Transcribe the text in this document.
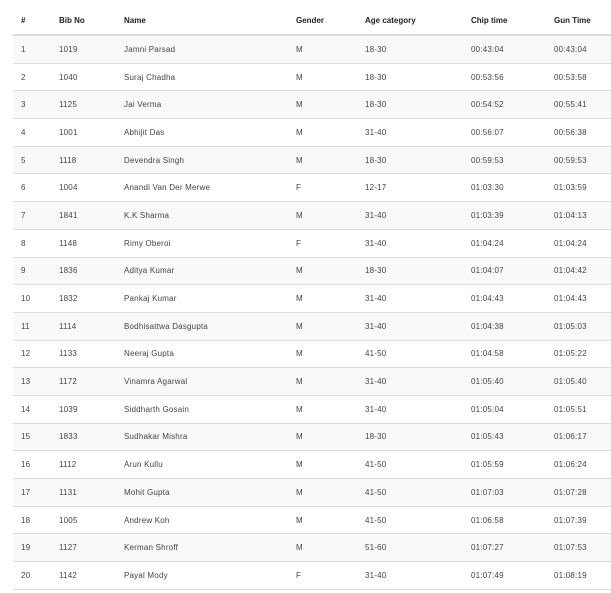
#	Bib No	Name	Gender	Age category	Chip time	Gun Time
1	1019	Jamni Parsad	M	18-30	00:43:04	00:43:04
2	1040	Suraj Chadha	M	18-30	00:53:56	00:53:58
3	1125	Jai Verma	M	18-30	00:54:52	00:55:41
4	1001	Abhijit Das	M	31-40	00:56:07	00:56:38
5	1118	Devendra Singh	M	18-30	00:59:53	00:59:53
6	1004	Anandi Van Der Merwe	F	12-17	01:03:30	01:03:59
7	1841	K.K Sharma	M	31-40	01:03:39	01:04:13
8	1148	Rimy Oberoi	F	31-40	01:04:24	01:04:24
9	1836	Aditya Kumar	M	18-30	01:04:07	01:04:42
10	1832	Pankaj Kumar	M	31-40	01:04:43	01:04:43
11	1114	Bodhisattwa Dasgupta	M	31-40	01:04:38	01:05:03
12	1133	Neeraj Gupta	M	41-50	01:04:58	01:05:22
13	1172	Vinamra Agarwal	M	31-40	01:05:40	01:05:40
14	1039	Siddharth Gosain	M	31-40	01:05:04	01:05:51
15	1833	Sudhakar Mishra	M	18-30	01:05:43	01:06:17
16	1112	Arun Kullu	M	41-50	01:05:59	01:06:24
17	1131	Mohit Gupta	M	41-50	01:07:03	01:07:28
18	1005	Andrew Koh	M	41-50	01:06:58	01:07:39
19	1127	Kerman Shroff	M	51-60	01:07:27	01:07:53
20	1142	Payal Mody	F	31-40	01:07:49	01:08:19
